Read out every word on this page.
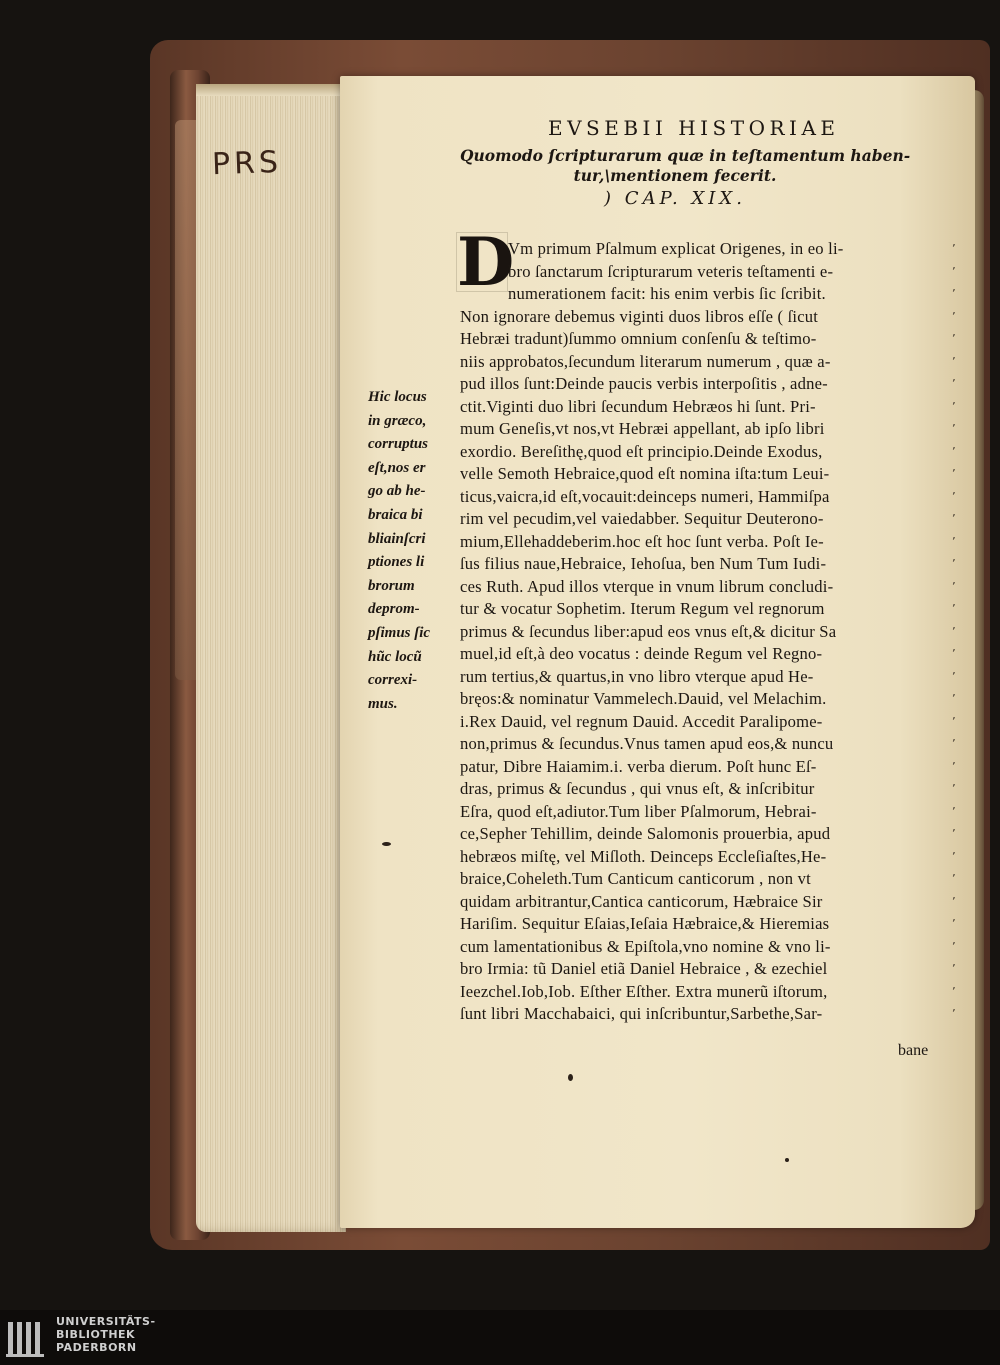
PRS
EVSEBII HISTORIAE
Quomodo ſcripturarum quæ in teſtamentum haben-
tur,\mentionem fecerit.
) CAP. XIX.
D
Vm primum Pſalmum explicat Origenes, in eo li-	’
bro ſanctarum ſcripturarum veteris teſtamenti e-	’
numerationem facit: his enim verbis ſic ſcribit.	’
Non ignorare debemus viginti duos libros eſſe ( ſicut	’
Hebræi tradunt)ſummo omnium conſenſu & teſtimo-	’
niis approbatos,ſecundum literarum numerum , quæ a-	’
pud illos ſunt:Deinde paucis verbis interpoſitis , adne-	’
ctit.Viginti duo libri ſecundum Hebræos hi ſunt. Pri-	’
mum Geneſis,vt nos,vt Hebræi appellant, ab ipſo libri	’
exordio. Bereſithę,quod eſt principio.Deinde Exodus,	’
velle Semoth Hebraice,quod eſt nomina iſta:tum Leui-	’
ticus,vaicra,id eſt,vocauit:deinceps numeri, Hammiſpa	’
rim vel pecudim,vel vaiedabber. Sequitur Deuterono-	’
mium,Ellehaddeberim.hoc eſt hoc ſunt verba. Poſt Ie-	’
ſus filius naue,Hebraice, Iehoſua, ben Num Tum Iudi-	’
ces Ruth. Apud illos vterque in vnum librum concludi-	’
tur & vocatur Sophetim. Iterum Regum vel regnorum	’
primus & ſecundus liber:apud eos vnus eſt,& dicitur Sa	’
muel,id eſt,à deo vocatus : deinde Regum vel Regno-	’
rum tertius,& quartus,in vno libro vterque apud He-	’
bręos:& nominatur Vammelech.Dauid, vel Melachim.	’
i.Rex Dauid, vel regnum Dauid. Accedit Paralipome-	’
non,primus & ſecundus.Vnus tamen apud eos,& nuncu	’
patur, Dibre Haiamim.i. verba dierum. Poſt hunc Eſ-	’
dras, primus & ſecundus , qui vnus eſt, & inſcribitur	’
Eſra, quod eſt,adiutor.Tum liber Pſalmorum, Hebrai-	’
ce,Sepher Tehillim, deinde Salomonis prouerbia, apud	’
hebræos miſtę, vel Miſloth. Deinceps Eccleſiaſtes,He-	’
braice,Coheleth.Tum Canticum canticorum , non vt	’
quidam arbitrantur,Cantica canticorum, Hæbraice Sir	’
Hariſim. Sequitur Eſaias,Ieſaia Hæbraice,& Hieremias	’
cum lamentationibus & Epiſtola,vno nomine & vno li-	’
bro Irmia: tũ Daniel etiã Daniel Hebraice , & ezechiel	’
Ieezchel.Iob,Iob. Eſther Eſther. Extra munerũ iſtorum,	’
ſunt libri Macchabaici, qui inſcribuntur,Sarbethe,Sar-	’
Hic locus
in græco,
corruptus
eſt,nos er
go ab he-
braica bi
bliainſcri
ptiones li
brorum
deprom-
pſimus ſic
hũc locũ
correxi-
mus.
bane
UNIVERSITÄTS-
BIBLIOTHEK
PADERBORN
